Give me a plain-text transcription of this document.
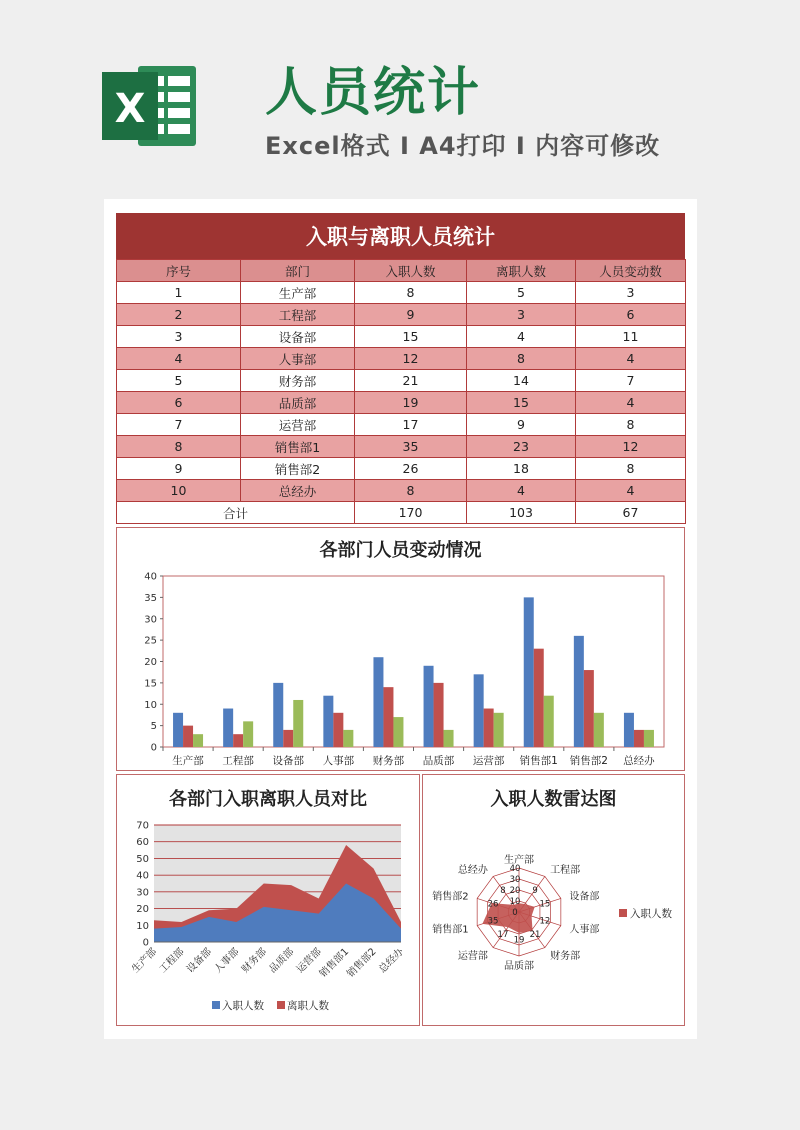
X 人员统计
Excel格式 I A4打印 I 内容可修改
入职与离职人员统计
序号	部门	入职人数	离职人数	人员变动数
1	生产部	8	5	3
2	工程部	9	3	6
3	设备部	15	4	11
4	人事部	12	8	4
5	财务部	21	14	7
6	品质部	19	15	4
7	运营部	17	9	8
8	销售部1	35	23	12
9	销售部2	26	18	8
10	总经办	8	4	4
合计		170	103	67
各部门人员变动情况
0
5
10
15
20
25
30
35
40
生产部 工程部 设备部 人事部 财务部 品质部 运营部 销售部1 销售部2 总经办
各部门入职离职人员对比
0
10
20
30
40
50
60
70
生产部
工程部
设备部
人事部
财务部
品质部
运营部
销售部1
销售部2
总经办
入职人数 离职人数
入职人数雷达图
0
10
20
30
40
9
15
12
21
19
17
35
26
8
生产部
工程部
设备部
人事部
财务部
品质部
运营部
销售部1
销售部2
总经办
入职人数
